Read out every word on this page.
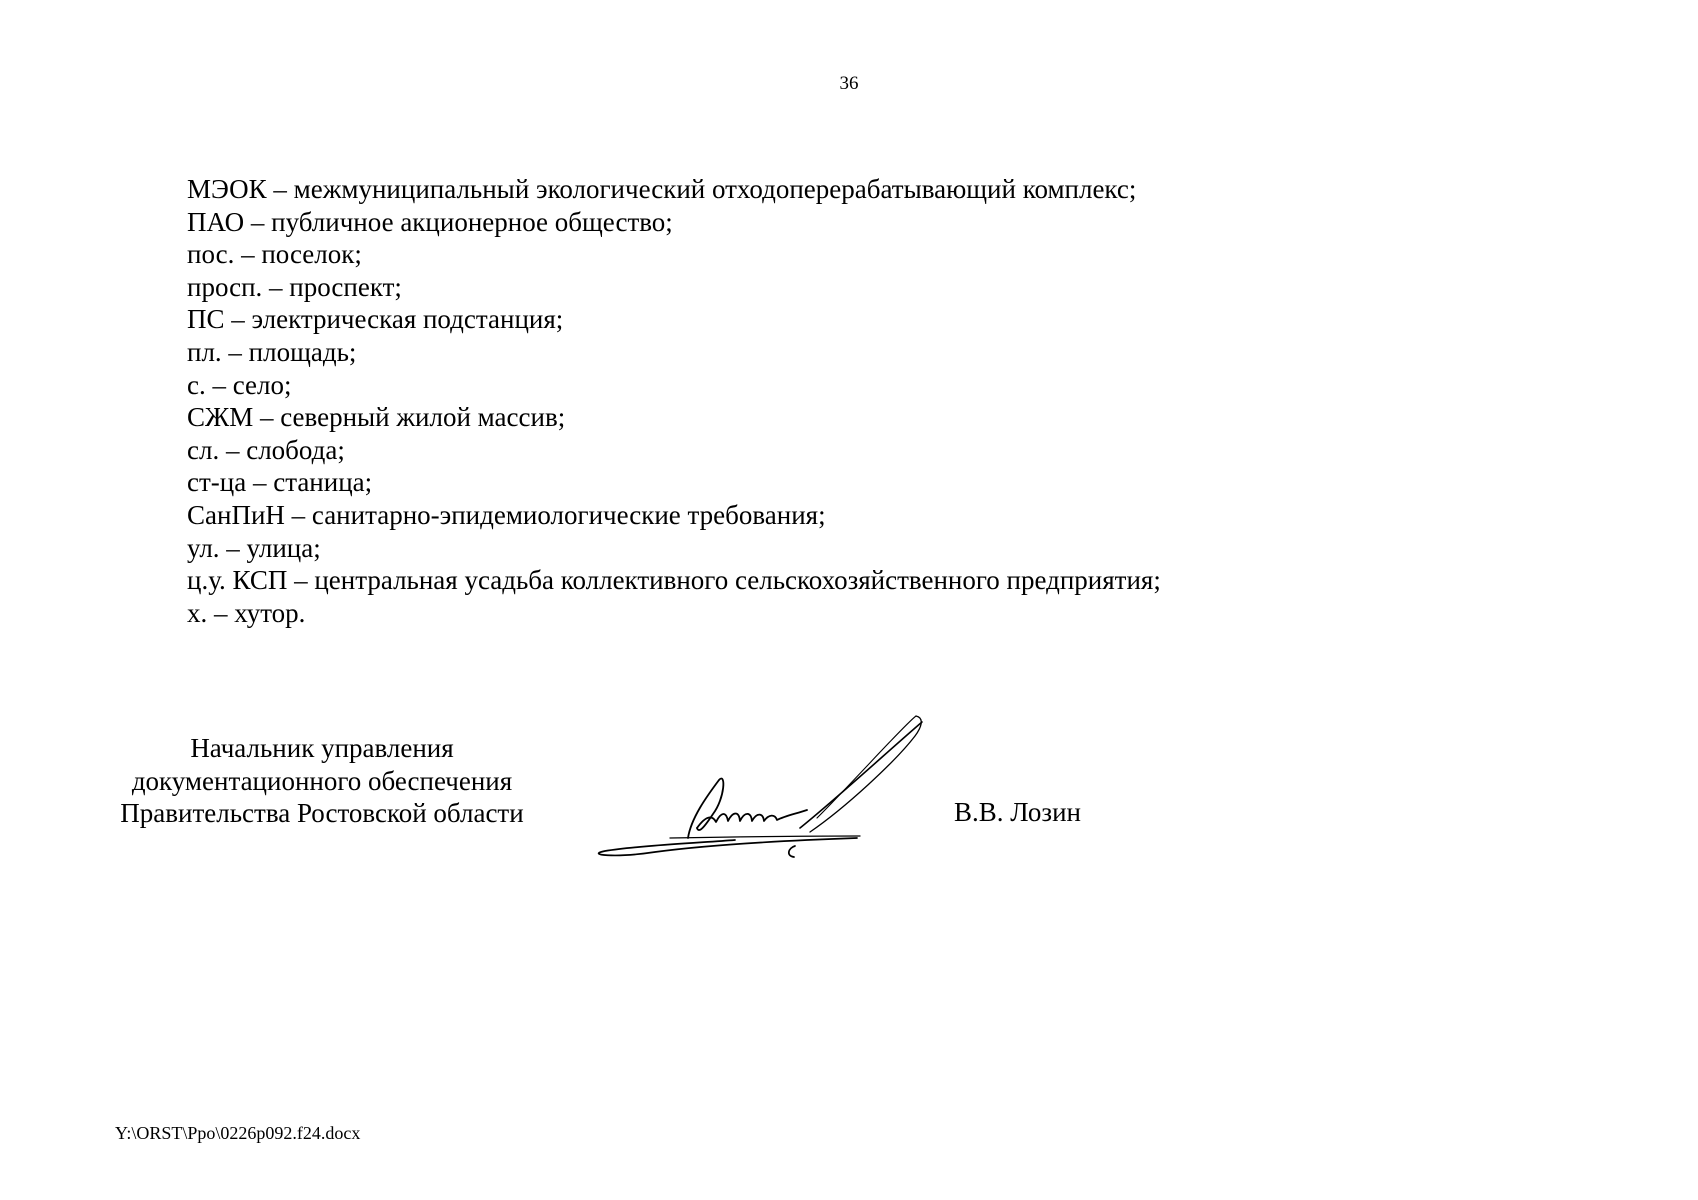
36
МЭОК – межмуниципальный экологический отходоперерабатывающий комплекс;
ПАО – публичное акционерное общество;
пос. – поселок;
просп. – проспект;
ПС – электрическая подстанция;
пл. – площадь;
с. – село;
СЖМ – северный жилой массив;
сл. – слобода;
ст-ца – станица;
СанПиН – санитарно-эпидемиологические требования;
ул. – улица;
ц.у. КСП – центральная усадьба коллективного сельскохозяйственного предприятия;
х. – хутор.
Начальник управления
документационного обеспечения
Правительства Ростовской области	В.В. Лозин
Y:\ORST\Ppo\0226p092.f24.docx
